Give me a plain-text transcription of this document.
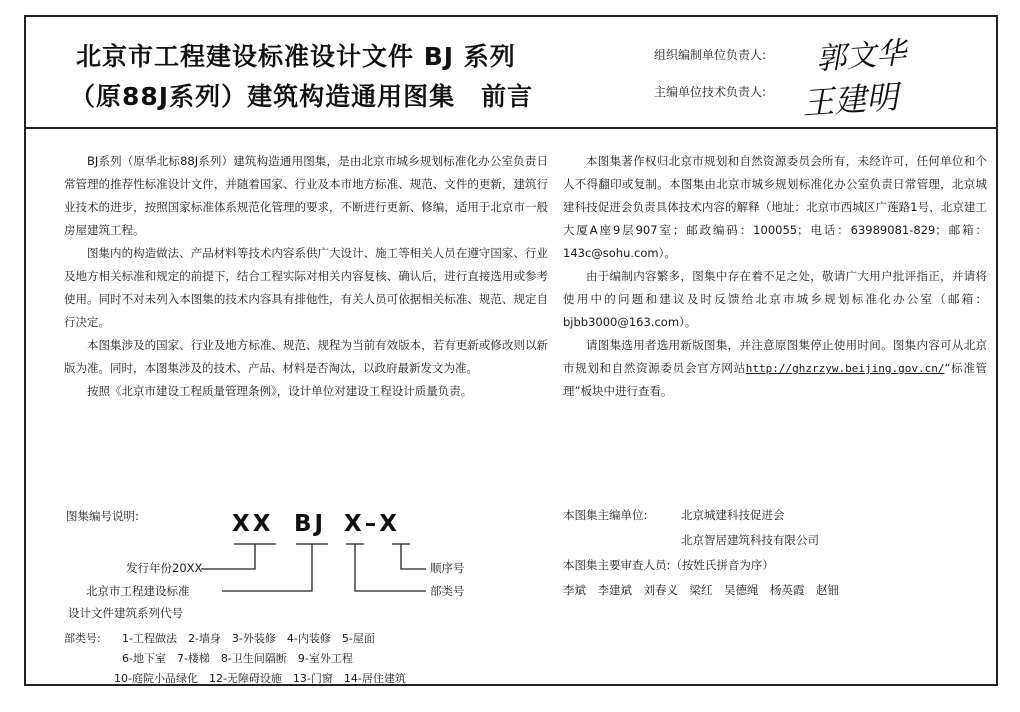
北京市工程建设标准设计文件 BJ 系列
（原88J系列）建筑构造通用图集　前言
组织编制单位负责人:
主编单位技术负责人:
郭文华
王建明

BJ系列（原华北标88J系列）建筑构造通用图集，是由北京市城乡规划标准化办公室负责日常管理的推荐性标准设计文件，并随着国家、行业及本市地方标准、规范、文件的更新，建筑行业技术的进步，按照国家标准体系规范化管理的要求，不断进行更新、修编，适用于北京市一般房屋建筑工程。

图集内的构造做法、产品材料等技术内容系供广大设计、施工等相关人员在遵守国家、行业及地方相关标准和规定的前提下，结合工程实际对相关内容复核、确认后，进行直接选用或参考使用。同时不对未列入本图集的技术内容具有排他性，有关人员可依据相关标准、规范、规定自行决定。

本图集涉及的国家、行业及地方标准、规范、规程为当前有效版本，若有更新或修改则以新版为准。同时，本图集涉及的技术、产品、材料是否淘汰，以政府最新发文为准。

按照《北京市建设工程质量管理条例》，设计单位对建设工程设计质量负责。

图集编号说明:	XX BJ X–X
发行年份20XX
北京市工程建设标准
设计文件建筑系列代号
顺序号
部类号
部类号: 1-工程做法　2-墙身　3-外装修　4-内装修　5-屋面
6-地下室　7-楼梯　8-卫生间隔断　9-室外工程
10-庭院小品绿化　12-无障碍设施　13-门窗　14-居住建筑

本图集著作权归北京市规划和自然资源委员会所有，未经许可，任何单位和个人不得翻印或复制。本图集由北京市城乡规划标准化办公室负责日常管理，北京城建科技促进会负责具体技术内容的解释（地址：北京市西城区广莲路1号，北京建工大厦A座9层907室；邮政编码：100055；电话：63989081-829；邮箱：143c@sohu.com）。

由于编制内容繁多，图集中存在着不足之处，敬请广大用户批评指正，并请将使用中的问题和建议及时反馈给北京市城乡规划标准化办公室（邮箱：bjbb3000@163.com）。

请图集选用者选用新版图集，并注意原图集停止使用时间。图集内容可从北京市规划和自然资源委员会官方网站http://ghzrzyw.beijing.gov.cn/“标准管理”板块中进行查看。

本图集主编单位:	北京城建科技促进会
北京智居建筑科技有限公司
本图集主要审查人员:（按姓氏拼音为序）
李斌　李建斌　刘春义　梁红　吴德绳　杨英霞　赵钿
